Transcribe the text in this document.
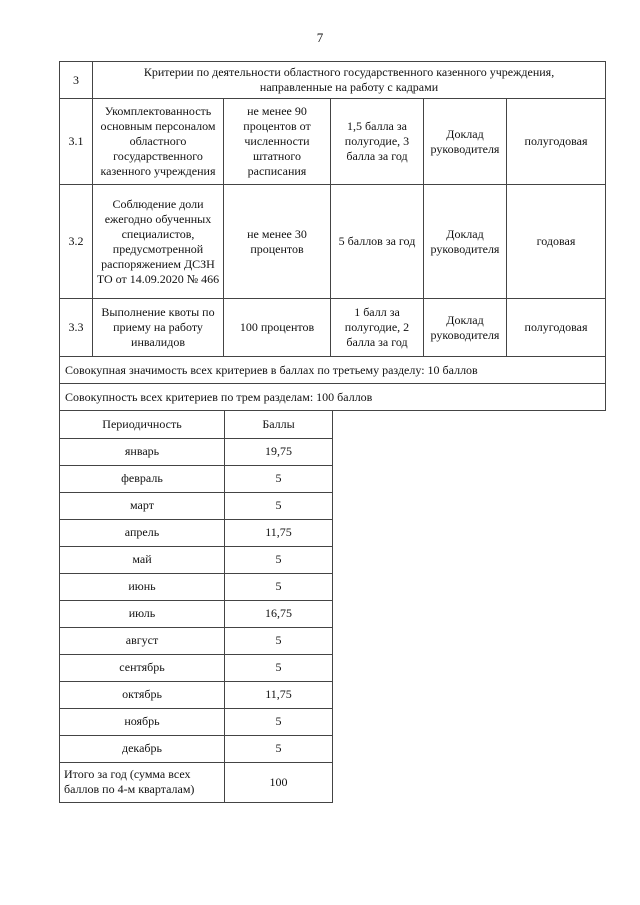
7
3	Критерии по деятельности областного государственного казенного учреждения,
направленные на работу с кадрами				
3.1	Укомплектованность основным персоналом областного государственного казенного учреждения	не менее 90 процентов от численности штатного расписания	1,5 балла за полугодие, 3 балла за год	Доклад руководителя	полугодовая
3.2	Соблюдение доли ежегодно обученных специалистов, предусмотренной распоряжением ДСЗН ТО от 14.09.2020 № 466	не менее 30 процентов	5 баллов за год	Доклад руководителя	годовая
3.3	Выполнение квоты по приему на работу инвалидов	100 процентов	1 балл за полугодие, 2 балла за год	Доклад руководителя	полугодовая
Совокупная значимость всех критериев в баллах по третьему разделу: 10 баллов					
Совокупность всех критериев по трем разделам: 100 баллов					
Периодичность	Баллы
январь	19,75
февраль	5
март	5
апрель	11,75
май	5
июнь	5
июль	16,75
август	5
сентябрь	5
октябрь	11,75
ноябрь	5
декабрь	5
Итого за год (сумма всех баллов по 4-м кварталам)	100
